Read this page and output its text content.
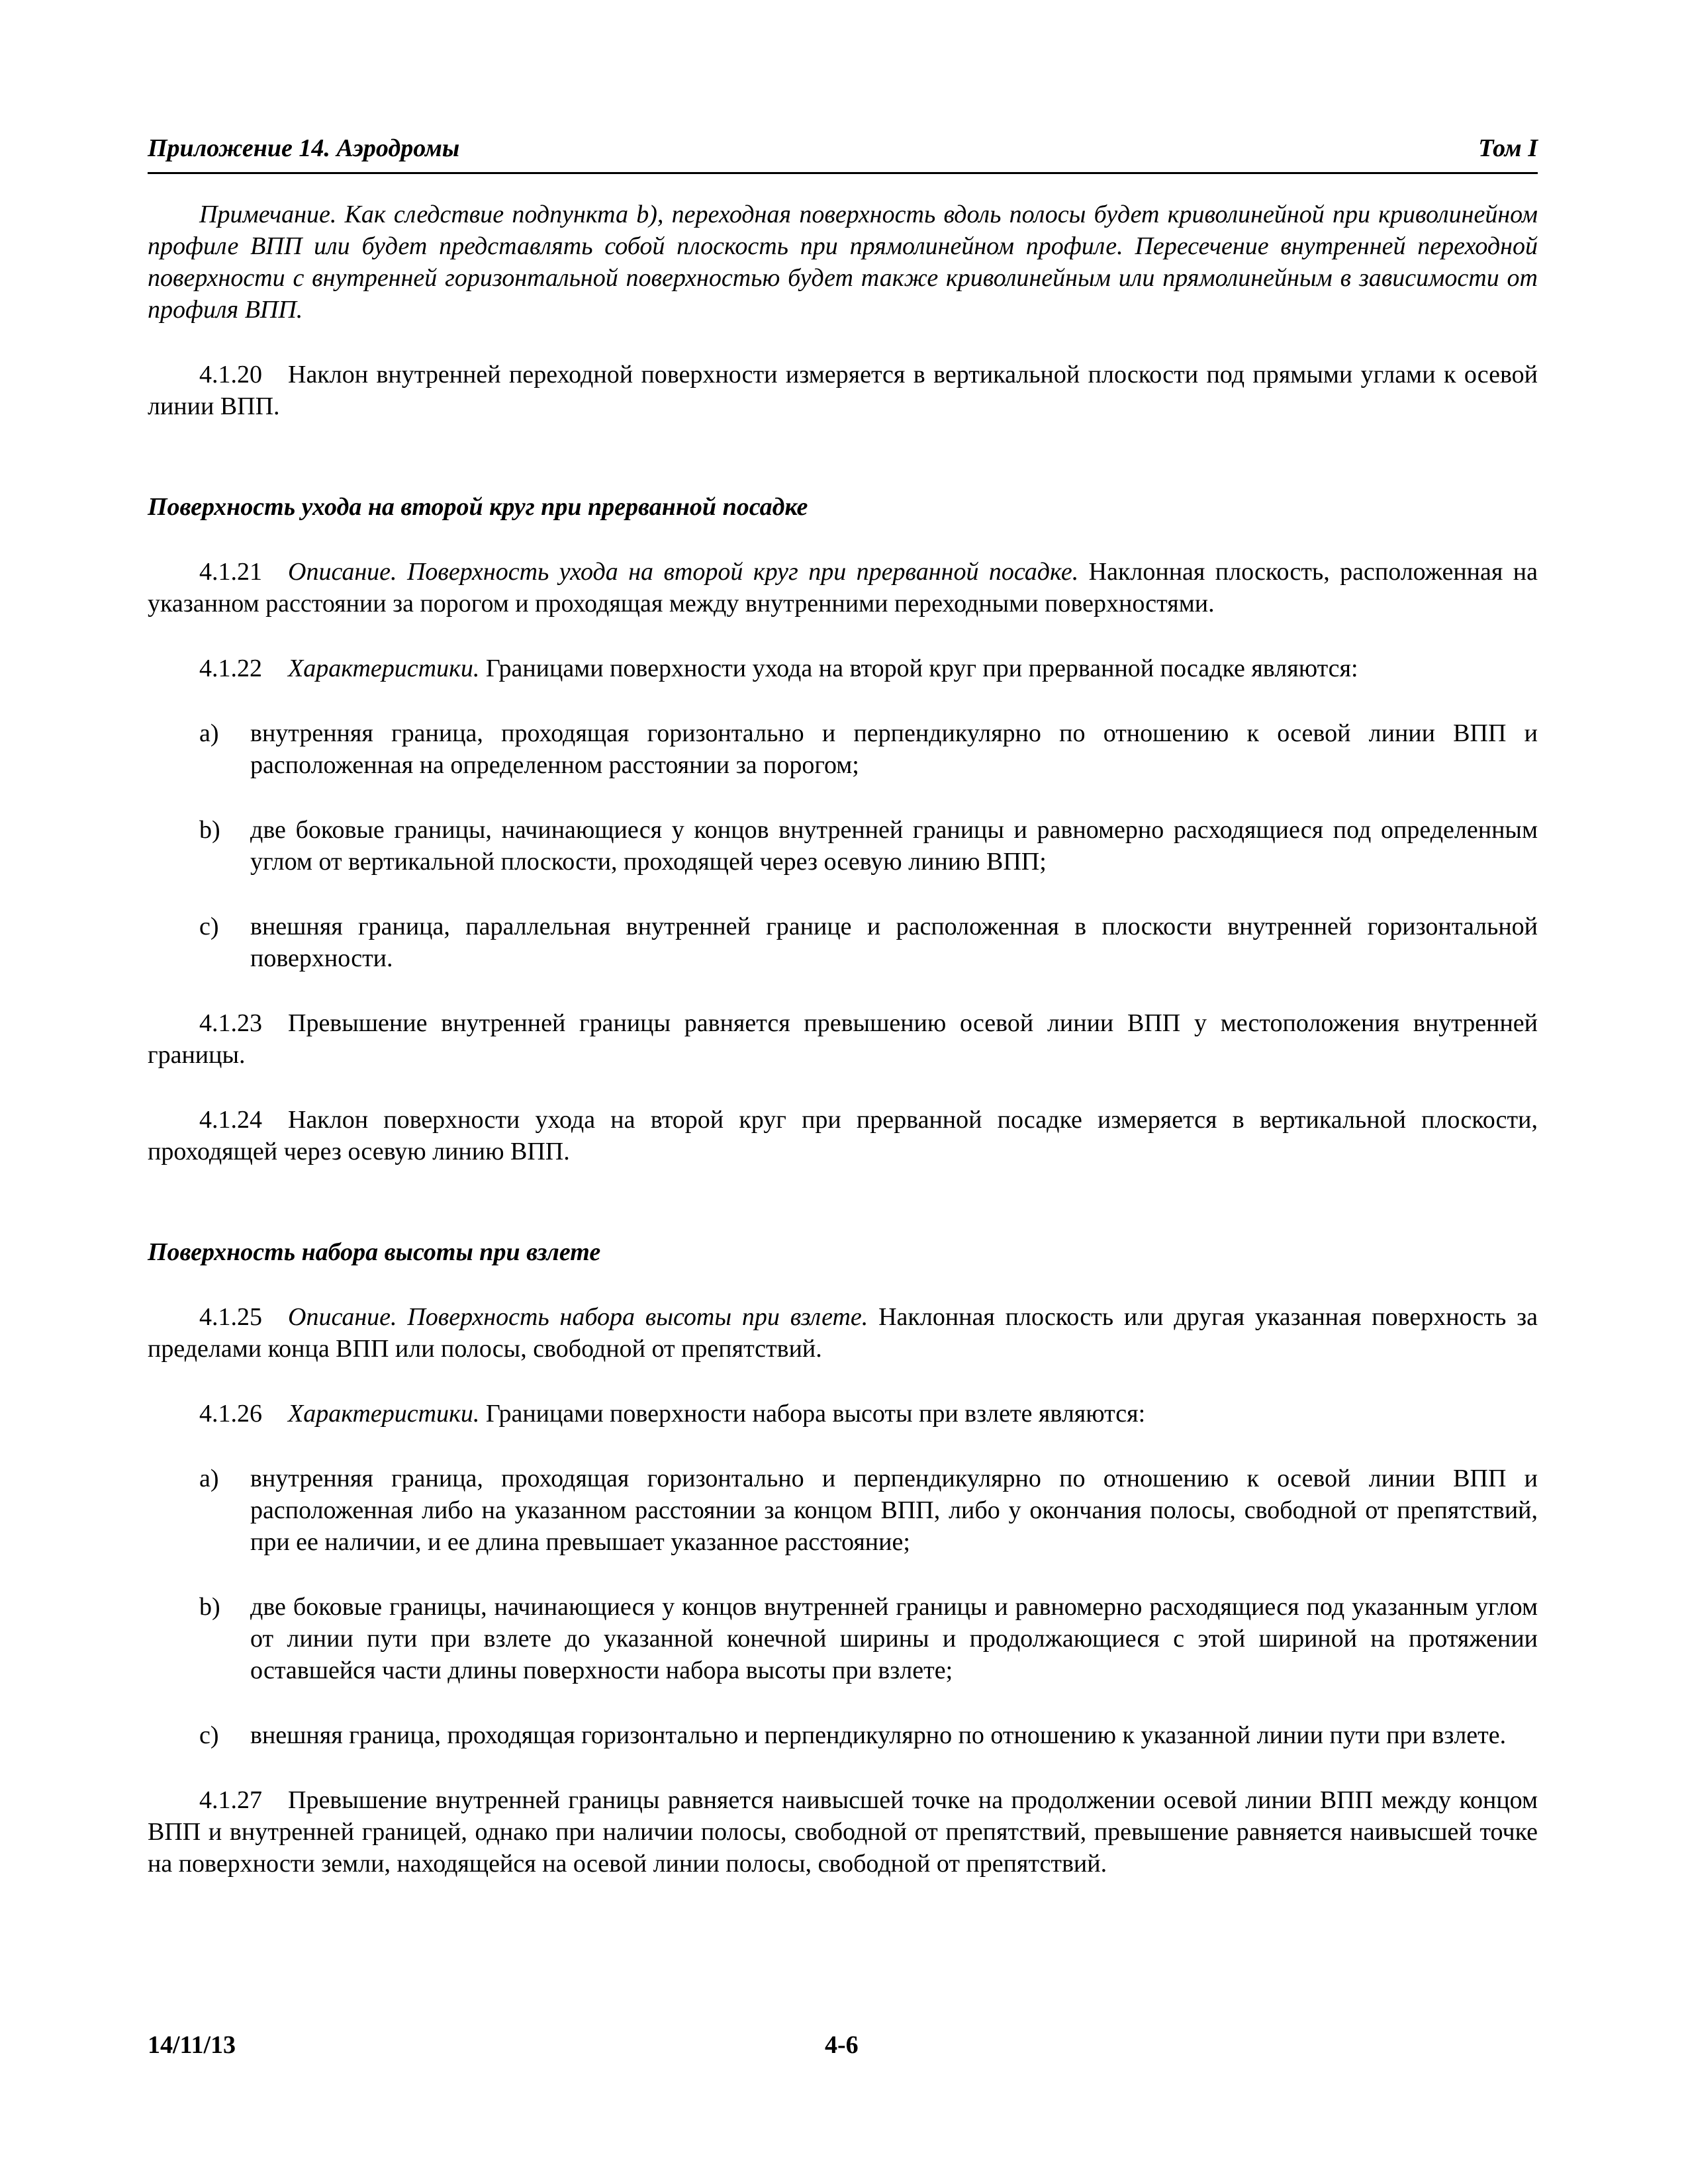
Приложение 14. Аэродромы	Том I

Примечание. Как следствие подпункта b), переходная поверхность вдоль полосы будет криволинейной при криволинейном профиле ВПП или будет представлять собой плоскость при прямолинейном профиле. Пересечение внутренней переходной поверхности с внутренней горизонтальной поверхностью будет также криволинейным или прямолинейным в зависимости от профиля ВПП.

4.1.20 Наклон внутренней переходной поверхности измеряется в вертикальной плоскости под прямыми углами к осевой линии ВПП.

Поверхность ухода на второй круг при прерванной посадке

4.1.21 Описание. Поверхность ухода на второй круг при прерванной посадке. Наклонная плоскость, расположенная на указанном расстоянии за порогом и проходящая между внутренними переходными поверхностями.

4.1.22 Характеристики. Границами поверхности ухода на второй круг при прерванной посадке являются:

a) внутренняя граница, проходящая горизонтально и перпендикулярно по отношению к осевой линии ВПП и расположенная на определенном расстоянии за порогом;

b) две боковые границы, начинающиеся у концов внутренней границы и равномерно расходящиеся под определенным углом от вертикальной плоскости, проходящей через осевую линию ВПП;

c) внешняя граница, параллельная внутренней границе и расположенная в плоскости внутренней горизонтальной поверхности.

4.1.23 Превышение внутренней границы равняется превышению осевой линии ВПП у местоположения внутренней границы.

4.1.24 Наклон поверхности ухода на второй круг при прерванной посадке измеряется в вертикальной плоскости, проходящей через осевую линию ВПП.

Поверхность набора высоты при взлете

4.1.25 Описание. Поверхность набора высоты при взлете. Наклонная плоскость или другая указанная поверхность за пределами конца ВПП или полосы, свободной от препятствий.

4.1.26 Характеристики. Границами поверхности набора высоты при взлете являются:

a) внутренняя граница, проходящая горизонтально и перпендикулярно по отношению к осевой линии ВПП и расположенная либо на указанном расстоянии за концом ВПП, либо у окончания полосы, свободной от препятствий, при ее наличии, и ее длина превышает указанное расстояние;

b) две боковые границы, начинающиеся у концов внутренней границы и равномерно расходящиеся под указанным углом от линии пути при взлете до указанной конечной ширины и продолжающиеся с этой шириной на протяжении оставшейся части длины поверхности набора высоты при взлете;

c) внешняя граница, проходящая горизонтально и перпендикулярно по отношению к указанной линии пути при взлете.

4.1.27 Превышение внутренней границы равняется наивысшей точке на продолжении осевой линии ВПП между концом ВПП и внутренней границей, однако при наличии полосы, свободной от препятствий, превышение равняется наивысшей точке на поверхности земли, находящейся на осевой линии полосы, свободной от препятствий.

14/11/13	4-6
